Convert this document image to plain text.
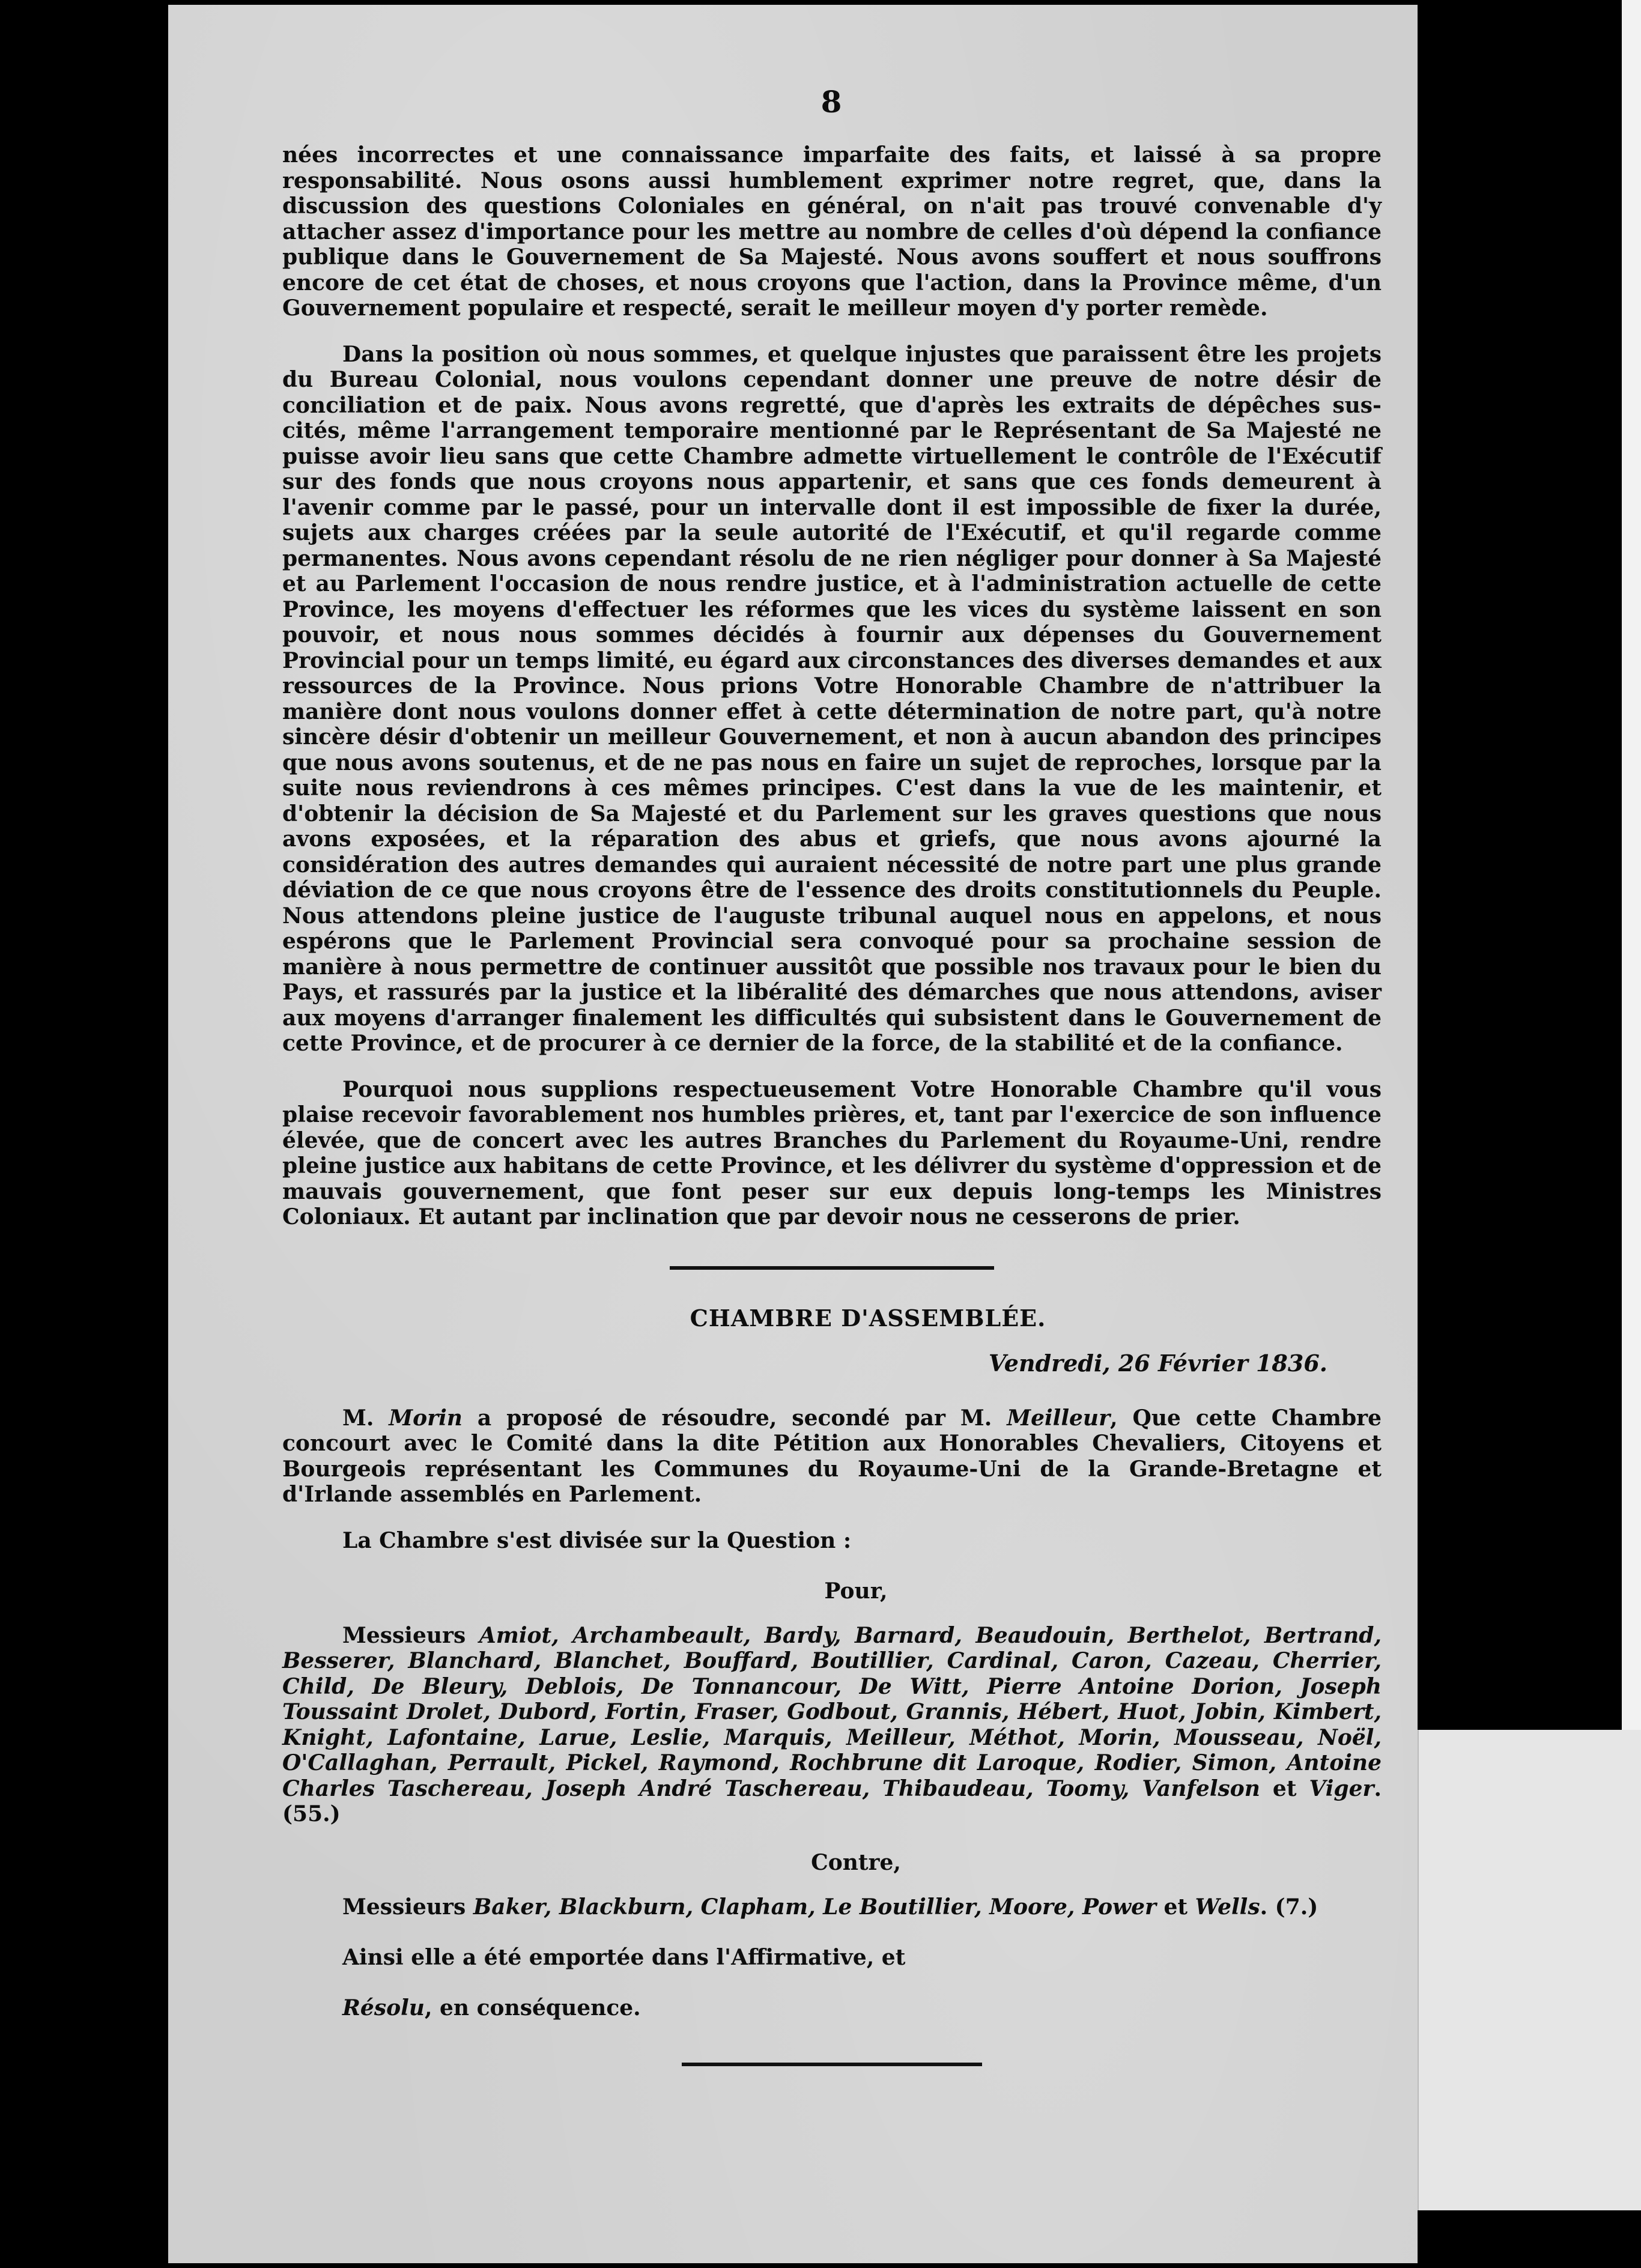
8

nées incorrectes et une connaissance imparfaite des faits, et laissé à sa propre responsabilité. Nous osons aussi humblement exprimer notre regret, que, dans la discussion des questions Coloniales en général, on n'ait pas trouvé convenable d'y attacher assez d'importance pour les mettre au nombre de celles d'où dépend la confiance publique dans le Gouvernement de Sa Majesté. Nous avons souffert et nous souffrons encore de cet état de choses, et nous croyons que l'action, dans la Province même, d'un Gouvernement populaire et respecté, serait le meilleur moyen d'y porter remède.

Dans la position où nous sommes, et quelque injustes que paraissent être les projets du Bureau Colonial, nous voulons cependant donner une preuve de notre désir de conciliation et de paix. Nous avons regretté, que d'après les extraits de dépêches sus-cités, même l'arrangement temporaire mentionné par le Représentant de Sa Majesté ne puisse avoir lieu sans que cette Chambre admette virtuellement le contrôle de l'Exécutif sur des fonds que nous croyons nous appartenir, et sans que ces fonds demeurent à l'avenir comme par le passé, pour un intervalle dont il est impossible de fixer la durée, sujets aux charges créées par la seule autorité de l'Exécutif, et qu'il regarde comme permanentes. Nous avons cependant résolu de ne rien négliger pour donner à Sa Majesté et au Parlement l'occasion de nous rendre justice, et à l'administration actuelle de cette Province, les moyens d'effectuer les réformes que les vices du système laissent en son pouvoir, et nous nous sommes décidés à fournir aux dépenses du Gouvernement Provincial pour un temps limité, eu égard aux circonstances des diverses demandes et aux ressources de la Province. Nous prions Votre Honorable Chambre de n'attribuer la manière dont nous voulons donner effet à cette détermination de notre part, qu'à notre sincère désir d'obtenir un meilleur Gouvernement, et non à aucun abandon des principes que nous avons soutenus, et de ne pas nous en faire un sujet de reproches, lorsque par la suite nous reviendrons à ces mêmes principes. C'est dans la vue de les maintenir, et d'obtenir la décision de Sa Majesté et du Parlement sur les graves questions que nous avons exposées, et la réparation des abus et griefs, que nous avons ajourné la considération des autres demandes qui auraient nécessité de notre part une plus grande déviation de ce que nous croyons être de l'essence des droits constitutionnels du Peuple. Nous attendons pleine justice de l'auguste tribunal auquel nous en appelons, et nous espérons que le Parlement Provincial sera convoqué pour sa prochaine session de manière à nous permettre de continuer aussitôt que possible nos travaux pour le bien du Pays, et rassurés par la justice et la libéralité des démarches que nous attendons, aviser aux moyens d'arranger finalement les difficultés qui subsistent dans le Gouvernement de cette Province, et de procurer à ce dernier de la force, de la stabilité et de la confiance.

Pourquoi nous supplions respectueusement Votre Honorable Chambre qu'il vous plaise recevoir favorablement nos humbles prières, et, tant par l'exercice de son influence élevée, que de concert avec les autres Branches du Parlement du Royaume-Uni, rendre pleine justice aux habitans de cette Province, et les délivrer du système d'oppression et de mauvais gouvernement, que font peser sur eux depuis long-temps les Ministres Coloniaux. Et autant par inclination que par devoir nous ne cesserons de prier.

CHAMBRE D'ASSEMBLÉE.
Vendredi, 26 Février 1836.

M. Morin a proposé de résoudre, secondé par M. Meilleur, Que cette Chambre concourt avec le Comité dans la dite Pétition aux Honorables Chevaliers, Citoyens et Bourgeois représentant les Communes du Royaume-Uni de la Grande-Bretagne et d'Irlande assemblés en Parlement.

La Chambre s'est divisée sur la Question :
Pour,

Messieurs Amiot, Archambeault, Bardy, Barnard, Beaudouin, Berthelot, Bertrand, Besserer, Blanchard, Blanchet, Bouffard, Boutillier, Cardinal, Caron, Cazeau, Cherrier, Child, De Bleury, Deblois, De Tonnancour, De Witt, Pierre Antoine Dorion, Joseph Toussaint Drolet, Dubord, Fortin, Fraser, Godbout, Grannis, Hébert, Huot, Jobin, Kimbert, Knight, Lafontaine, Larue, Leslie, Marquis, Meilleur, Méthot, Morin, Mousseau, Noël, O'Callaghan, Perrault, Pickel, Raymond, Rochbrune dit Laroque, Rodier, Simon, Antoine Charles Taschereau, Joseph André Taschereau, Thibaudeau, Toomy, Vanfelson et Viger. (55.)

Contre,
Messieurs Baker, Blackburn, Clapham, Le Boutillier, Moore, Power et Wells. (7.)
Ainsi elle a été emportée dans l'Affirmative, et
Résolu, en conséquence.
